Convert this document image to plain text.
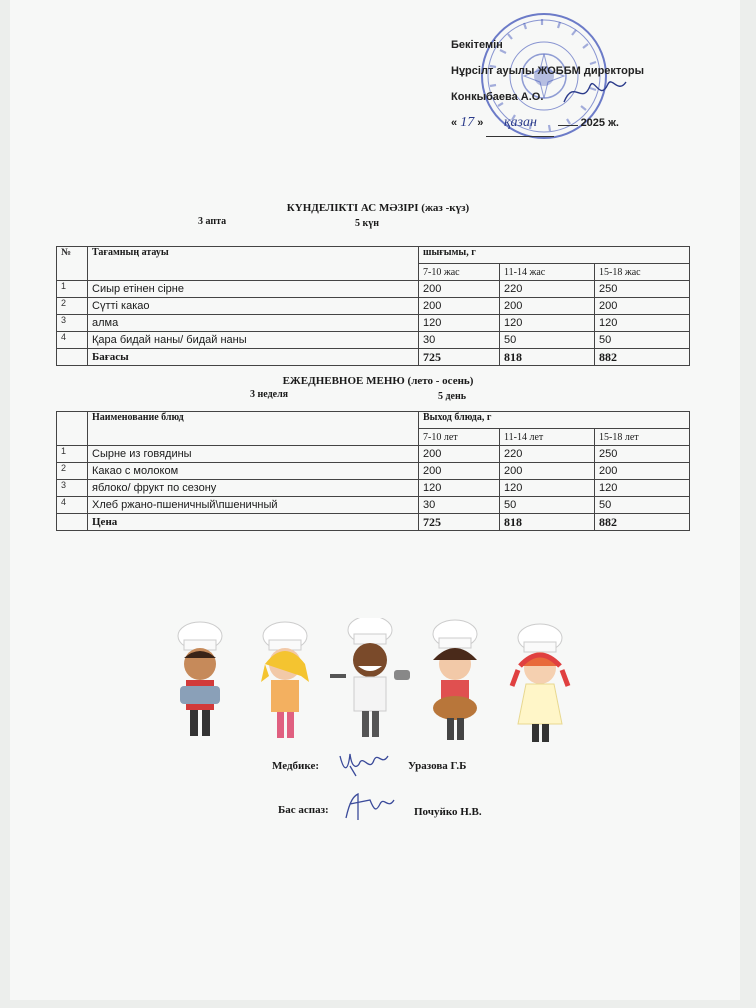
Бекітемін
Нұрсілт ауылы ЖОББМ директоры
Конкыбаева А.О.
« 17 » қазан	2025 ж.
КҮНДЕЛІКТІ АС МӘЗІРІ (жаз -күз)
3 апта	5 күн
№	Тағамның атауы	шығымы, г		
		7-10 жас	11-14 жас	15-18 жас
1	Сиыр етінен сірне	200	220	250
2	Сүтті какао	200	200	200
3	алма	120	120	120
4	Қара бидай наны/ бидай наны	30	50	50
	Бағасы	725	818	882
ЕЖЕДНЕВНОЕ МЕНЮ (лето - осень)
3 неделя	5 день
	Наименование блюд	Выход блюда, г		
		7-10 лет	11-14 лет	15-18 лет
1	Сырне из говядины	200	220	250
2	Какао с молоком	200	200	200
3	яблоко/ фрукт по сезону	120	120	120
4	Хлеб ржано-пшеничный\пшеничный	30	50	50
	Цена	725	818	882
Медбике:	Уразова Г.Б
Бас аспаз:	Почуйко Н.В.
